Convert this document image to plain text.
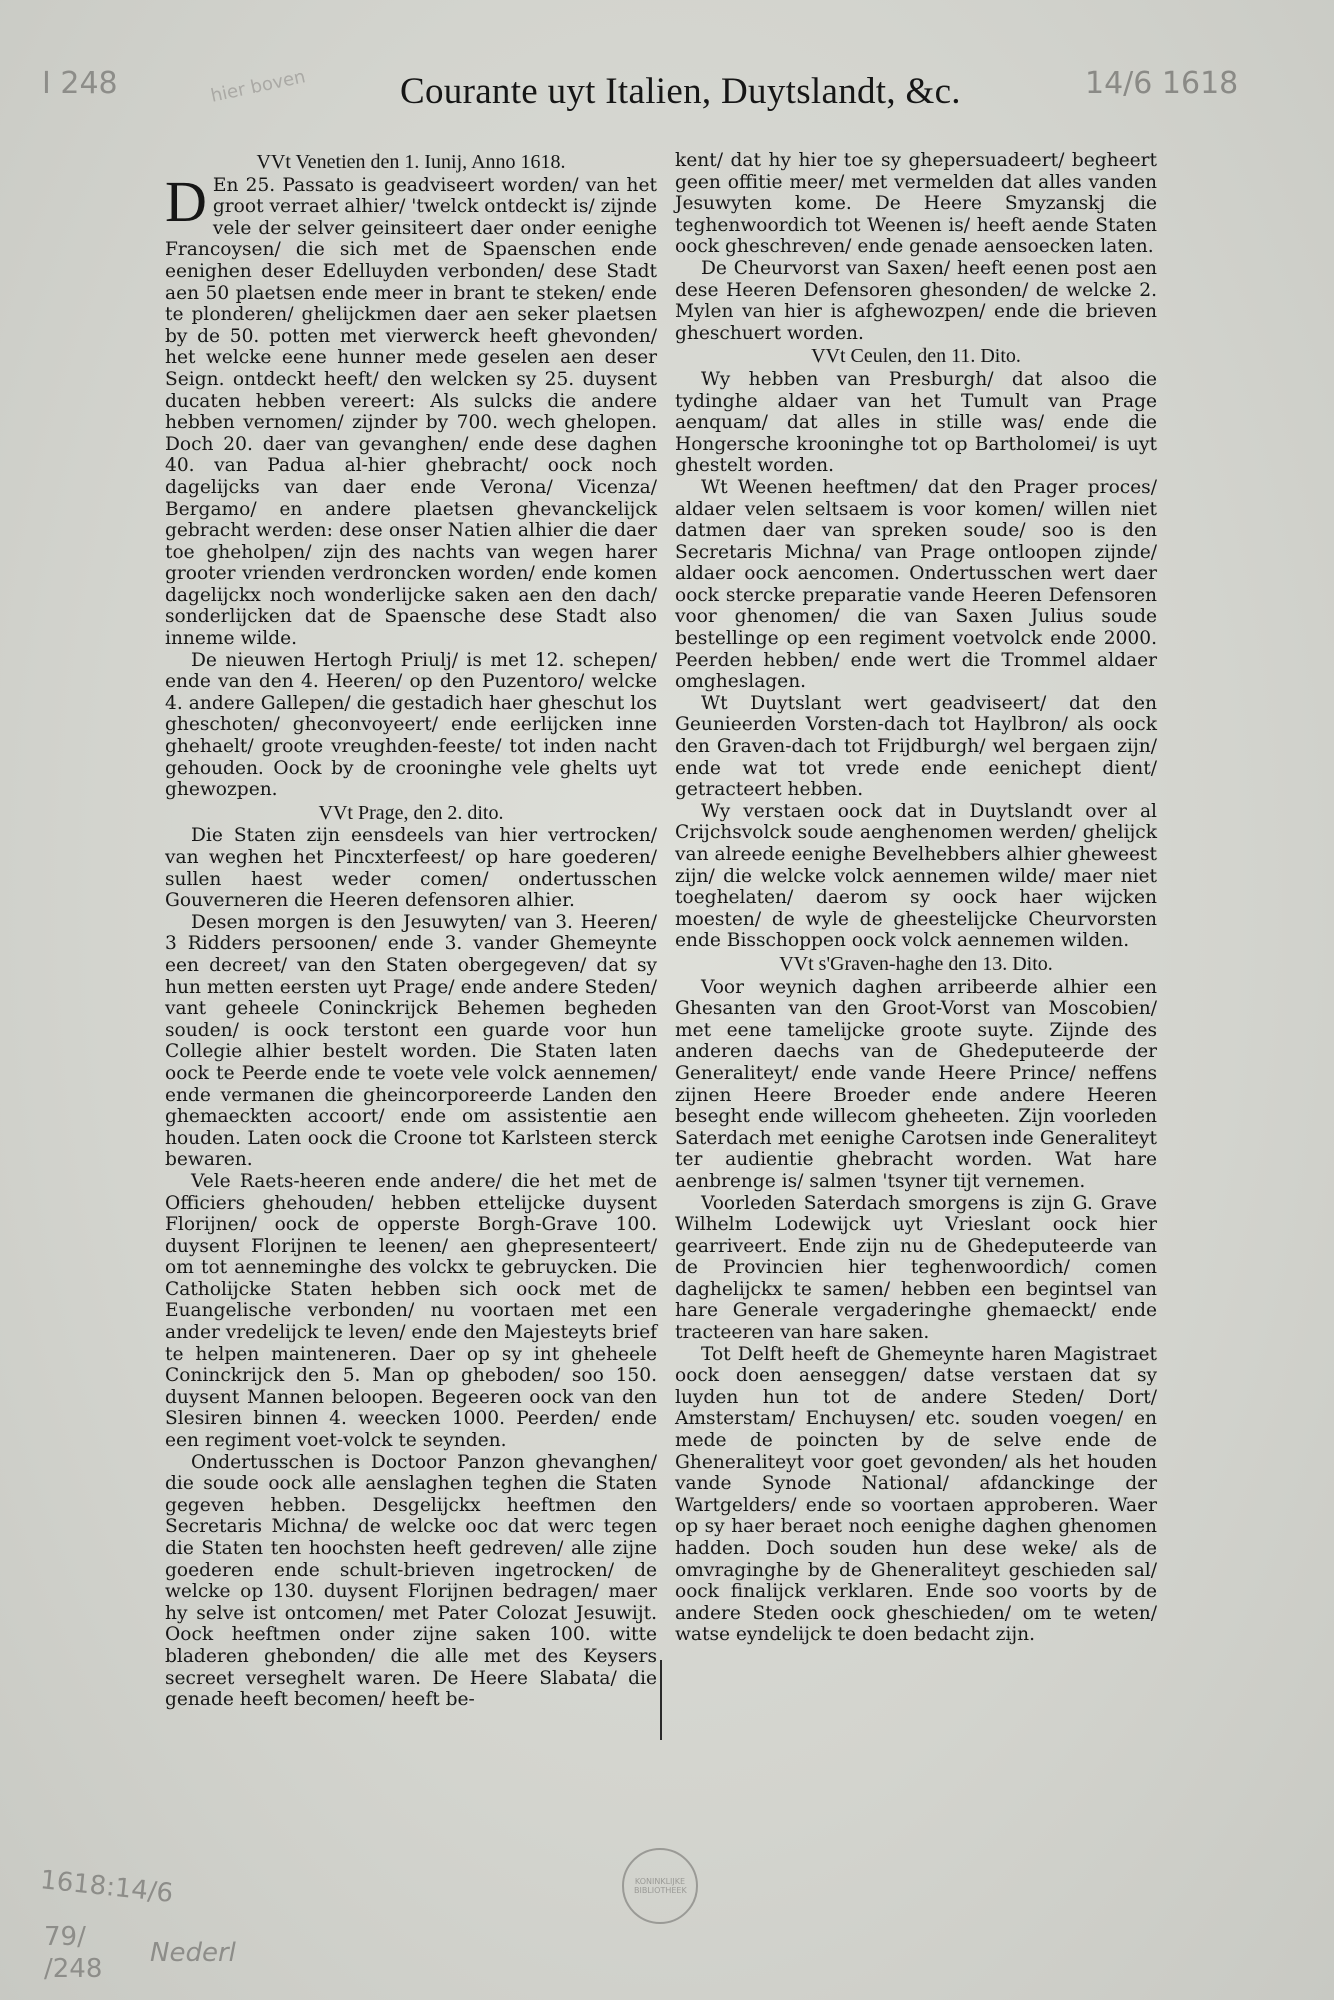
I 248	hier boven	14/6 1618
Courante uyt Italien, Duytslandt, &c.

VVt Venetien den 1. Iunij, Anno 1618.

D En 25. Passato is geadviseert worden/ van het groot verraet alhier/ 'twelck ontdeckt is/ zijnde vele der selver geinsiteert daer onder eenighe Francoysen/ die sich met de Spaenschen ende eenighen deser Edelluyden verbonden/ dese Stadt aen 50 plaetsen ende meer in brant te steken/ ende te plonderen/ ghelijckmen daer aen seker plaetsen by de 50. potten met vierwerck heeft ghevonden/ het welcke eene hunner mede geselen aen deser Seign. ontdeckt heeft/ den welcken sy 25. duysent ducaten hebben vereert: Als sulcks die andere hebben vernomen/ zijnder by 700. wech ghelopen. Doch 20. daer van gevanghen/ ende dese daghen 40. van Padua al-hier ghebracht/ oock noch dagelijcks van daer ende Verona/ Vicenza/ Bergamo/ en andere plaetsen ghevanckelijck gebracht werden: dese onser Natien alhier die daer toe gheholpen/ zijn des nachts van wegen harer grooter vrienden verdroncken worden/ ende komen dagelijckx noch wonderlijcke saken aen den dach/ sonderlijcken dat de Spaensche dese Stadt also inneme wilde.

De nieuwen Hertogh Priulj/ is met 12. schepen/ ende van den 4. Heeren/ op den Puzentoro/ welcke 4. andere Gallepen/ die gestadich haer gheschut los gheschoten/ gheconvoyeert/ ende eerlijcken inne ghehaelt/ groote vreughden-feeste/ tot inden nacht gehouden. Oock by de crooninghe vele ghelts uyt ghewozpen.

VVt Prage, den 2. dito.

Die Staten zijn eensdeels van hier vertrocken/ van weghen het Pincxterfeest/ op hare goederen/ sullen haest weder comen/ ondertusschen Gouverneren die Heeren defensoren alhier.

Desen morgen is den Jesuwyten/ van 3. Heeren/ 3 Ridders persoonen/ ende 3. vander Ghemeynte een decreet/ van den Staten obergegeven/ dat sy hun metten eersten uyt Prage/ ende andere Steden/ vant geheele Coninckrijck Behemen begheden souden/ is oock terstont een guarde voor hun Collegie alhier bestelt worden. Die Staten laten oock te Peerde ende te voete vele volck aennemen/ ende vermanen die gheincorporeerde Landen den ghemaeckten accoort/ ende om assistentie aen houden. Laten oock die Croone tot Karlsteen sterck bewaren.

Vele Raets-heeren ende andere/ die het met de Officiers ghehouden/ hebben ettelijcke duysent Florijnen/ oock de opperste Borgh-Grave 100. duysent Florijnen te leenen/ aen ghepresenteert/ om tot aenneminghe des volckx te gebruycken. Die Catholijcke Staten hebben sich oock met de Euangelische verbonden/ nu voortaen met een ander vredelijck te leven/ ende den Majesteyts brief te helpen mainteneren. Daer op sy int gheheele Coninckrijck den 5. Man op gheboden/ soo 150. duysent Mannen beloopen. Begeeren oock van den Slesiren binnen 4. weecken 1000. Peerden/ ende een regiment voet-volck te seynden.

Ondertusschen is Doctoor Panzon ghevanghen/ die soude oock alle aenslaghen teghen die Staten gegeven hebben. Desgelijckx heeftmen den Secretaris Michna/ de welcke ooc dat werc tegen die Staten ten hoochsten heeft gedreven/ alle zijne goederen ende schult-brieven ingetrocken/ de welcke op 130. duysent Florijnen bedragen/ maer hy selve ist ontcomen/ met Pater Colozat Jesuwijt. Oock heeftmen onder zijne saken 100. witte bladeren ghebonden/ die alle met des Keysers secreet verseghelt waren. De Heere Slabata/ die genade heeft becomen/ heeft be-

kent/ dat hy hier toe sy ghepersuadeert/ begheert geen offitie meer/ met vermelden dat alles vanden Jesuwyten kome. De Heere Smyzanskj die teghenwoordich tot Weenen is/ heeft aende Staten oock gheschreven/ ende genade aensoecken laten.

De Cheurvorst van Saxen/ heeft eenen post aen dese Heeren Defensoren ghesonden/ de welcke 2. Mylen van hier is afghewozpen/ ende die brieven gheschuert worden.

VVt Ceulen, den 11. Dito.

Wy hebben van Presburgh/ dat alsoo die tydinghe aldaer van het Tumult van Prage aenquam/ dat alles in stille was/ ende die Hongersche krooninghe tot op Bartholomei/ is uyt ghestelt worden.

Wt Weenen heeftmen/ dat den Prager proces/ aldaer velen seltsaem is voor komen/ willen niet datmen daer van spreken soude/ soo is den Secretaris Michna/ van Prage ontloopen zijnde/ aldaer oock aencomen. Ondertusschen wert daer oock stercke preparatie vande Heeren Defensoren voor ghenomen/ die van Saxen Julius soude bestellinge op een regiment voetvolck ende 2000. Peerden hebben/ ende wert die Trommel aldaer omgheslagen.

Wt Duytslant wert geadviseert/ dat den Geunieerden Vorsten-dach tot Haylbron/ als oock den Graven-dach tot Frijdburgh/ wel bergaen zijn/ ende wat tot vrede ende eenichept dient/ getracteert hebben.

Wy verstaen oock dat in Duytslandt over al Crijchsvolck soude aenghenomen werden/ ghelijck van alreede eenighe Bevelhebbers alhier gheweest zijn/ die welcke volck aennemen wilde/ maer niet toeghelaten/ daerom sy oock haer wijcken moesten/ de wyle de gheestelijcke Cheurvorsten ende Bisschoppen oock volck aennemen wilden.

VVt s'Graven-haghe den 13. Dito.

Voor weynich daghen arribeerde alhier een Ghesanten van den Groot-Vorst van Moscobien/ met eene tamelijcke groote suyte. Zijnde des anderen daechs van de Ghedeputeerde der Generaliteyt/ ende vande Heere Prince/ neffens zijnen Heere Broeder ende andere Heeren beseght ende willecom gheheeten. Zijn voorleden Saterdach met eenighe Carotsen inde Generaliteyt ter audientie ghebracht worden. Wat hare aenbrenge is/ salmen 'tsyner tijt vernemen.

Voorleden Saterdach smorgens is zijn G. Grave Wilhelm Lodewijck uyt Vrieslant oock hier gearriveert. Ende zijn nu de Ghedeputeerde van de Provincien hier teghenwoordich/ comen daghelijckx te samen/ hebben een begintsel van hare Generale vergaderinghe ghemaeckt/ ende tracteeren van hare saken.

Tot Delft heeft de Ghemeynte haren Magistraet oock doen aenseggen/ datse verstaen dat sy luyden hun tot de andere Steden/ Dort/ Amsterstam/ Enchuysen/ etc. souden voegen/ en mede de poincten by de selve ende de Gheneraliteyt voor goet gevonden/ als het houden vande Synode National/ afdanckinge der Wartgelders/ ende so voortaen approberen. Waer op sy haer beraet noch eenighe daghen ghenomen hadden. Doch souden hun dese weke/ als de omvraginghe by de Gheneraliteyt geschieden sal/ oock finalijck verklaren. Ende soo voorts by de andere Steden oock gheschieden/ om te weten/ watse eyndelijck te doen bedacht zijn.

KONINKLIJKE BIBLIOTHEEK
1618:14/6
79/
/248
Nederl
